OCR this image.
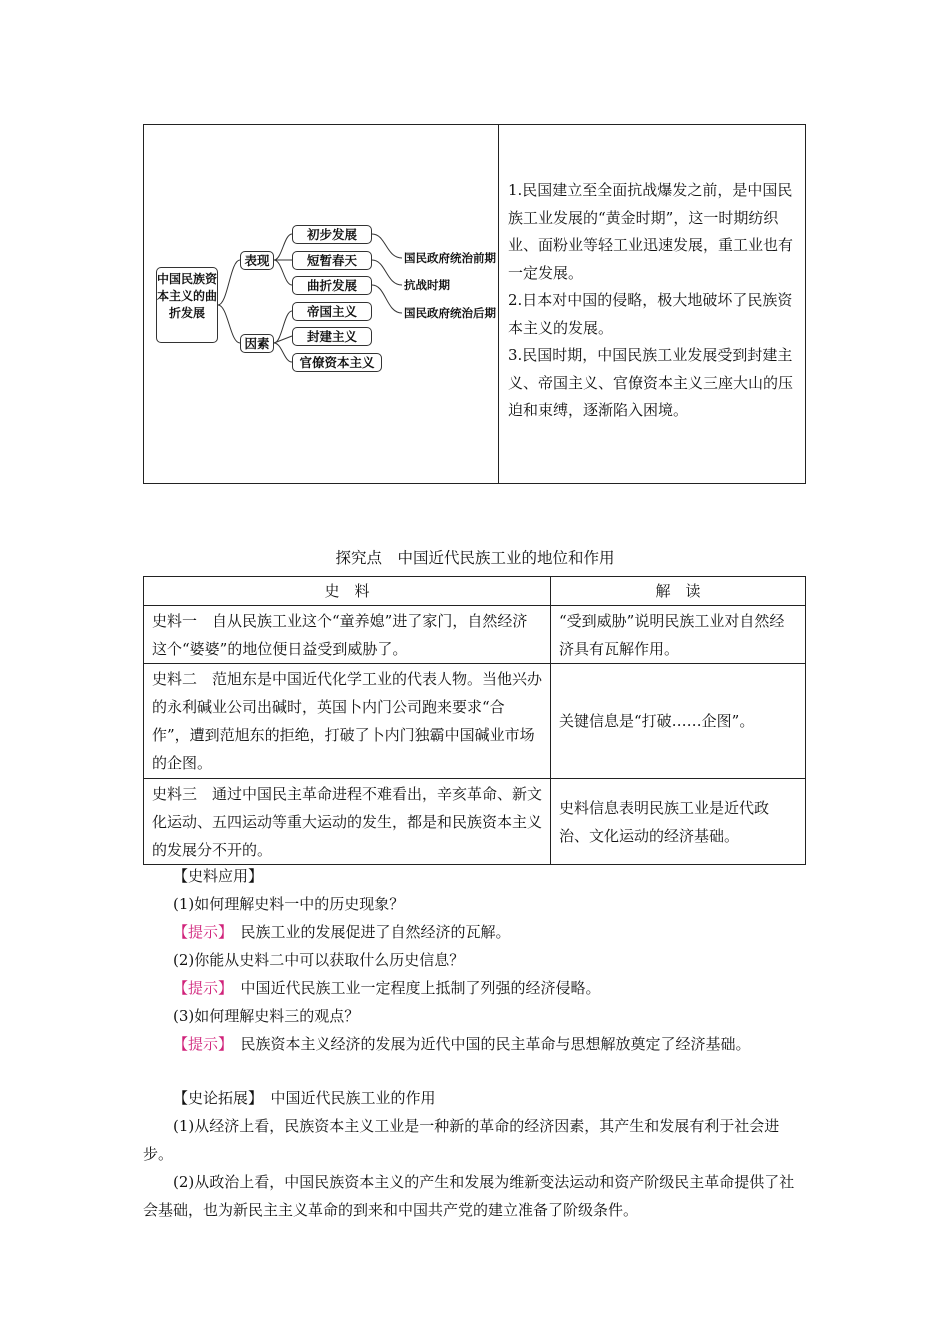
中国民族资本主义的曲折发展
表现
因素
初步发展
短暂春天
曲折发展
帝国主义
封建主义
官僚资本主义
国民政府统治前期
抗战时期
国民政府统治后期

1.民国建立至全面抗战爆发之前，是中国民族工业发展的“黄金时期”，这一时期纺织业、面粉业等轻工业迅速发展，重工业也有一定发展。

2.日本对中国的侵略，极大地破坏了民族资本主义的发展。

3.民国时期，中国民族工业发展受到封建主义、帝国主义、官僚资本主义三座大山的压迫和束缚，逐渐陷入困境。

探究点　中国近代民族工业的地位和作用
史　料	解　读
史料一　自从民族工业这个“童养媳”进了家门，自然经济这个“婆婆”的地位便日益受到威胁了。	“受到威胁”说明民族工业对自然经济具有瓦解作用。
史料二　范旭东是中国近代化学工业的代表人物。当他兴办的永利碱业公司出碱时，英国卜内门公司跑来要求“合作”，遭到范旭东的拒绝，打破了卜内门独霸中国碱业市场的企图。	关键信息是“打破……企图”。
史料三　通过中国民主革命进程不难看出，辛亥革命、新文化运动、五四运动等重大运动的发生，都是和民族资本主义的发展分不开的。	史料信息表明民族工业是近代政治、文化运动的经济基础。

【史料应用】

(1)如何理解史料一中的历史现象？

【提示】　 民族工业的发展促进了自然经济的瓦解。

(2)你能从史料二中可以获取什么历史信息？

【提示】　 中国近代民族工业一定程度上抵制了列强的经济侵略。

(3)如何理解史料三的观点？

【提示】　 民族资本主义经济的发展为近代中国的民主革命与思想解放奠定了经济基础。

【史论拓展】　 中国近代民族工业的作用

(1)从经济上看，民族资本主义工业是一种新的革命的经济因素，其产生和发展有利于社会进步。

(2)从政治上看，中国民族资本主义的产生和发展为维新变法运动和资产阶级民主革命提供了社会基础，也为新民主主义革命的到来和中国共产党的建立准备了阶级条件。
